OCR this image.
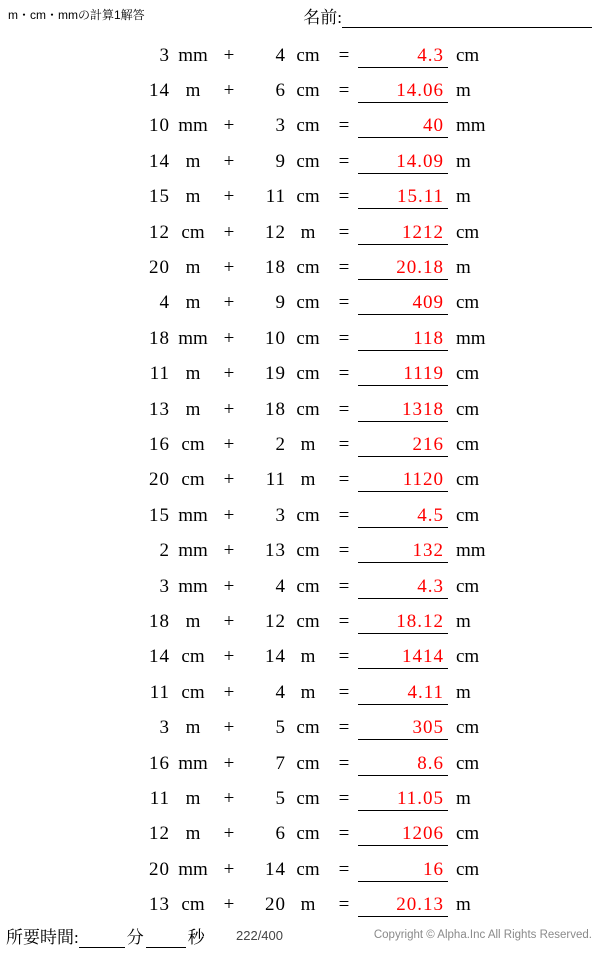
m・cm・mmの計算1解答	名前:
3 mm +	4 cm	=	4.3 cm
14 m	+	6 cm	=	14.06 m
10 mm +	3 cm	=	40 mm
14 m	+	9 cm	=	14.09 m
15 m	+	11 cm	=	15.11 m
12 cm	+	12 m	=	1212 cm
20 m	+	18 cm	=	20.18 m
4 m	+	9 cm	=	409 cm
18 mm +	10 cm	=	118 mm
11 m	+	19 cm	=	1119 cm
13 m	+	18 cm	=	1318 cm
16 cm	+	2 m	=	216 cm
20 cm	+	11 m	=	1120 cm
15 mm +	3 cm	=	4.5 cm
2 mm +	13 cm	=	132 mm
3 mm +	4 cm	=	4.3 cm
18 m	+	12 cm	=	18.12 m
14 cm	+	14 m	=	1414 cm
11 cm	+	4 m	=	4.11 m
3 m	+	5 cm	=	305 cm
16 mm +	7 cm	=	8.6 cm
11 m	+	5 cm	=	11.05 m
12 m	+	6 cm	=	1206 cm
20 mm +	14 cm	=	16 cm
13 cm	+	20 m	=	20.13 m
所要時間:	分	秒 222/400	Copyright © Alpha.Inc All Rights Reserved.
